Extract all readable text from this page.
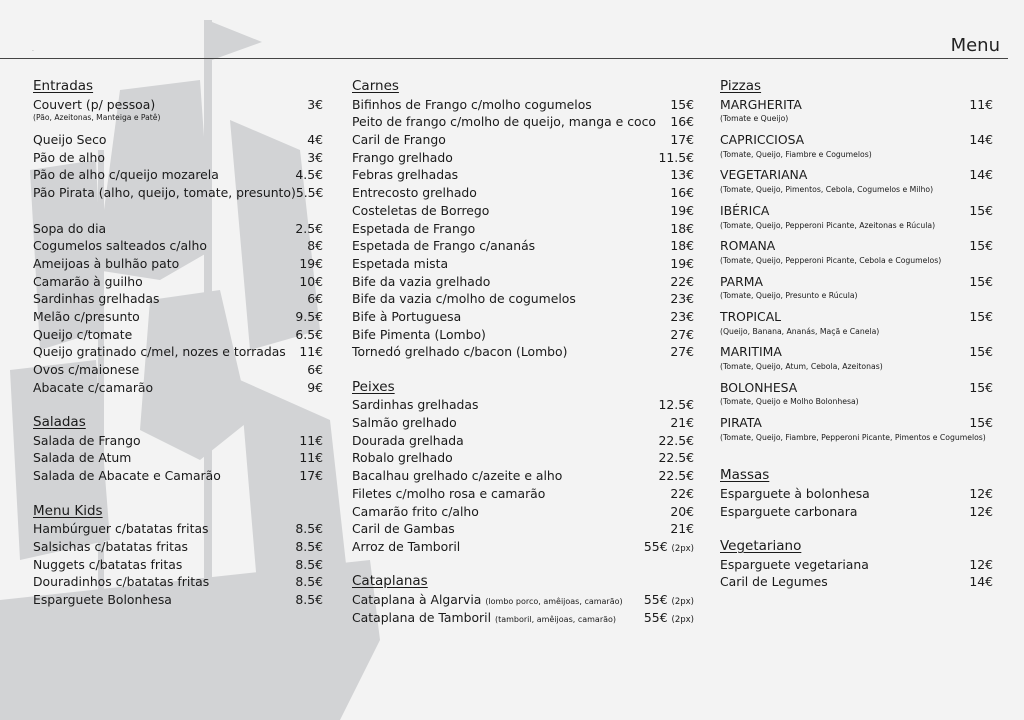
.	Menu
Entradas
Couvert (p/ pessoa)	3€
(Pão, Azeitonas, Manteiga e Patê)
Queijo Seco	4€
Pão de alho	3€
Pão de alho c/queijo mozarela	4.5€
Pão Pirata (alho, queijo, tomate, presunto) 5.5€
Sopa do dia	2.5€
Cogumelos salteados c/alho	8€
Ameijoas à bulhão pato	19€
Camarão à guilho	10€
Sardinhas grelhadas	6€
Melão c/presunto	9.5€
Queijo c/tomate	6.5€
Queijo gratinado c/mel, nozes e torradas 11€
Ovos c/maionese	6€
Abacate c/camarão	9€
Saladas
Salada de Frango	11€
Salada de Atum	11€
Salada de Abacate e Camarão	17€
Menu Kids
Hambúrguer c/batatas fritas	8.5€
Salsichas c/batatas fritas	8.5€
Nuggets c/batatas fritas	8.5€
Douradinhos c/batatas fritas	8.5€
Esparguete Bolonhesa	8.5€
Carnes
Bifinhos de Frango c/molho cogumelos	15€
Peito de frango c/molho de queijo, manga e coco 16€
Caril de Frango	17€
Frango grelhado	11.5€
Febras grelhadas	13€
Entrecosto grelhado	16€
Costeletas de Borrego	19€
Espetada de Frango	18€
Espetada de Frango c/ananás	18€
Espetada mista	19€
Bife da vazia grelhado	22€
Bife da vazia c/molho de cogumelos	23€
Bife à Portuguesa	23€
Bife Pimenta (Lombo)	27€
Tornedó grelhado c/bacon (Lombo)	27€
Peixes
Sardinhas grelhadas	12.5€
Salmão grelhado	21€
Dourada grelhada	22.5€
Robalo grelhado	22.5€
Bacalhau grelhado c/azeite e alho	22.5€
Filetes c/molho rosa e camarão	22€
Camarão frito c/alho	20€
Caril de Gambas	21€
Arroz de Tamboril	55€ (2px)
Cataplanas
Cataplana à Algarvia (lombo porco, amêijoas, camarão) 55€ (2px)
Cataplana de Tamboril (tamboril, amêijoas, camarão) 55€ (2px)
Pizzas
MARGHERITA	11€
(Tomate e Queijo)
CAPRICCIOSA	14€
(Tomate, Queijo, Fiambre e Cogumelos)
VEGETARIANA	14€
(Tomate, Queijo, Pimentos, Cebola, Cogumelos e Milho)
IBÉRICA	15€
(Tomate, Queijo, Pepperoni Picante, Azeitonas e Rúcula)
ROMANA	15€
(Tomate, Queijo, Pepperoni Picante, Cebola e Cogumelos)
PARMA	15€
(Tomate, Queijo, Presunto e Rúcula)
TROPICAL	15€
(Queijo, Banana, Ananás, Maçã e Canela)
MARITIMA	15€
(Tomate, Queijo, Atum, Cebola, Azeitonas)
BOLONHESA	15€
(Tomate, Queijo e Molho Bolonhesa)
PIRATA	15€
(Tomate, Queijo, Fiambre, Pepperoni Picante, Pimentos e Cogumelos)
Massas
Esparguete à bolonhesa	12€
Esparguete carbonara	12€
Vegetariano
Esparguete vegetariana	12€
Caril de Legumes	14€
